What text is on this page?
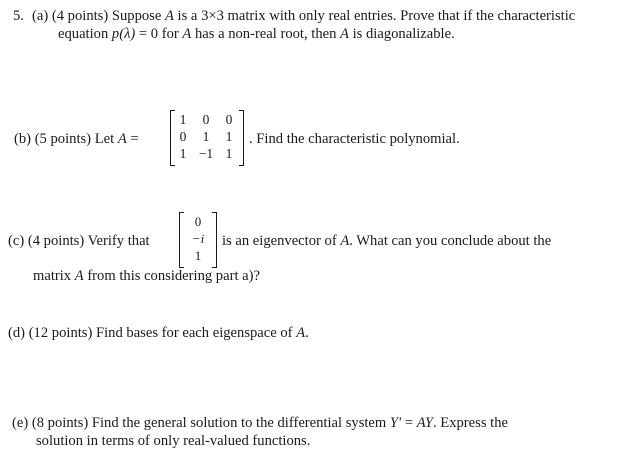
5. (a) (4 points) Suppose A is a 3×3 matrix with only real entries. Prove that if the characteristic
equation p(λ) = 0 for A has a non-real root, then A is diagonalizable.
(b) (5 points) Let A =
1	0	0
0	1	1
1 −1 1
. Find the characteristic polynomial.
(c) (4 points) Verify that
0
−i
1
is an eigenvector of A. What can you conclude about the
matrix A from this considering part a)?
(d) (12 points) Find bases for each eigenspace of A.
(e) (8 points) Find the general solution to the differential system Y′ = AY. Express the
solution in terms of only real-valued functions.
